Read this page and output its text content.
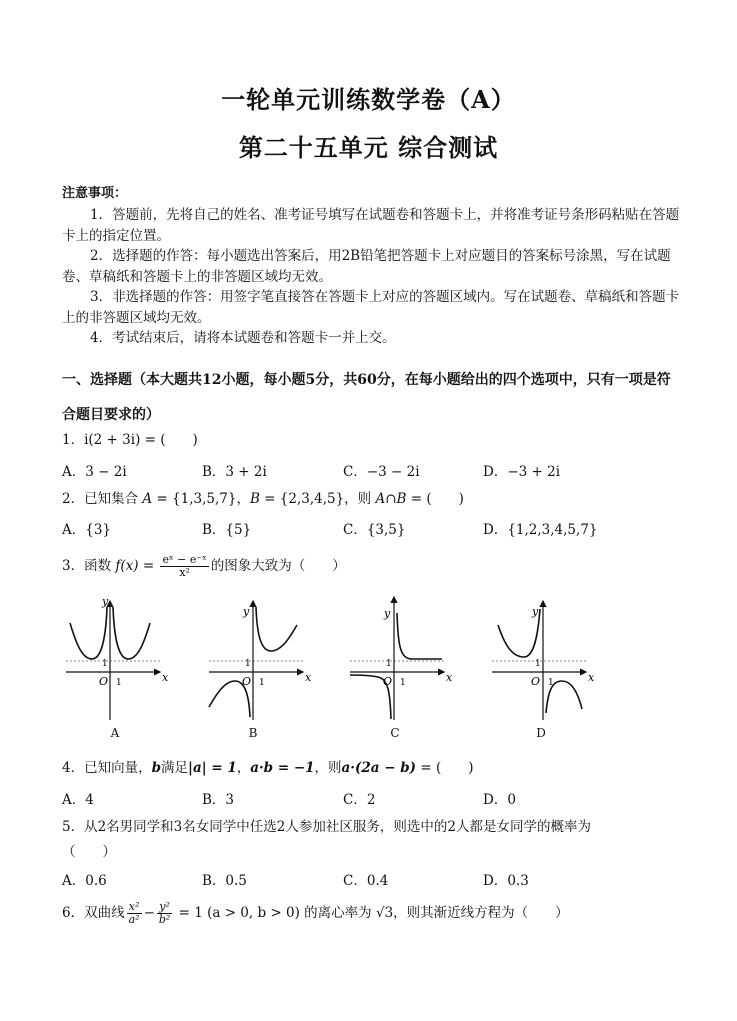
一轮单元训练数学卷（A）
第二十五单元 综合测试
注意事项：
1．答题前，先将自己的姓名、准考证号填写在试题卷和答题卡上，并将准考证号条形码粘贴在答题卡上的指定位置。
2．选择题的作答：每小题选出答案后，用2B铅笔把答题卡上对应题目的答案标号涂黑，写在试题卷、草稿纸和答题卡上的非答题区域均无效。
3．非选择题的作答：用签字笔直接答在答题卡上对应的答题区域内。写在试题卷、草稿纸和答题卡上的非答题区域均无效。
4．考试结束后，请将本试题卷和答题卡一并上交。
一、选择题（本大题共12小题，每小题5分，共60分，在每小题给出的四个选项中，只有一项是符合题目要求的）
1．i(2 + 3i) = (　　)
A．3 − 2i	B．3 + 2i	C．−3 − 2i	D．−3 + 2i
2．已知集合 A = {1,3,5,7}，B = {2,3,4,5}，则 A∩B = (　　)
A．{3}	B．{5}	C．{3,5}	D．{1,2,3,4,5,7}
3．函数 $f(x) = \frac{\text{eˣ − e⁻ˣ}}{\text{x²}}$ 的图象大致为（　　）
y
x
O
1
1
A
y
x
O
1
1
B
y
x
O
1
1
C
y
x
O
1
1
D
4．已知向量，b满足|a| = 1，a·b = −1，则a·(2a − b) = (　　)
A．4	B．3	C．2	D．0
5．从2名男同学和3名女同学中任选2人参加社区服务，则选中的2人都是女同学的概率为
（　　）
A．0.6	B．0.5	C．0.4	D．0.3
6．双曲线 $\frac{\text{x²}}{\text{a²}} - \frac{\text{y²}}{\text{b²}} = 1$ (a > 0, b > 0) 的离心率为 √3，则其渐近线方程为（　　）
